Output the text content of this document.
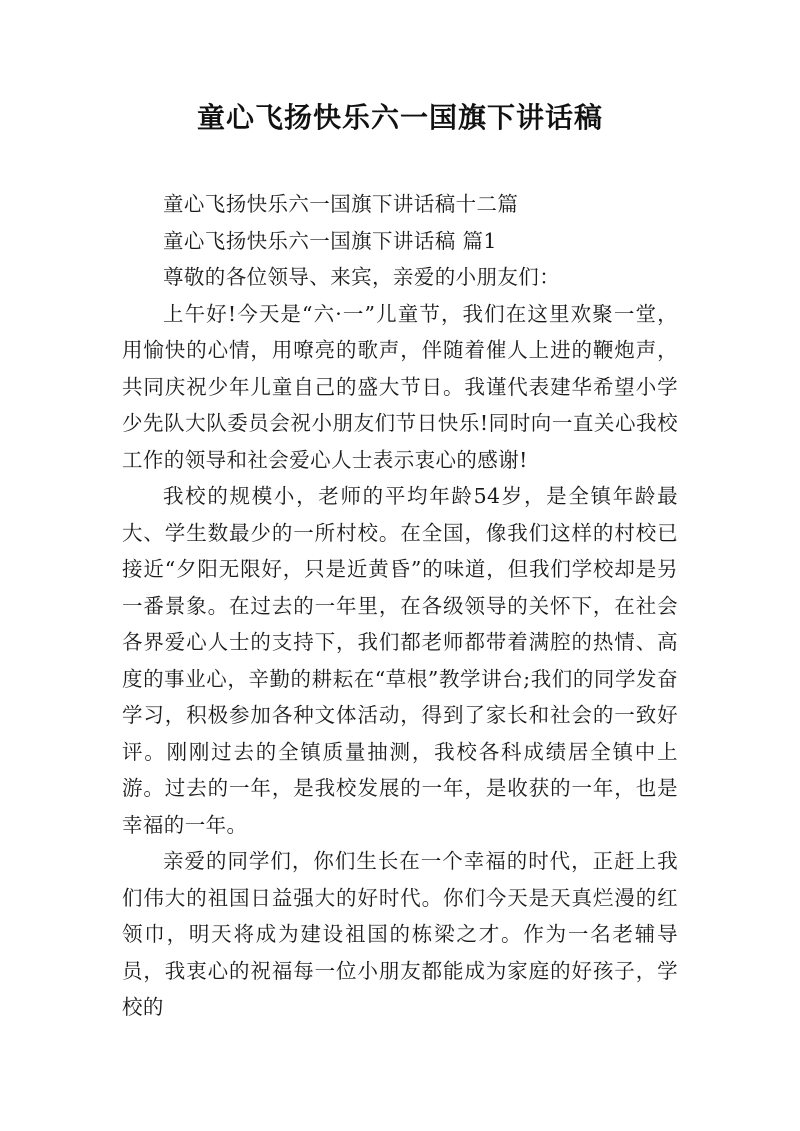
童心飞扬快乐六一国旗下讲话稿

童心飞扬快乐六一国旗下讲话稿十二篇

童心飞扬快乐六一国旗下讲话稿 篇1

尊敬的各位领导、来宾，亲爱的小朋友们：

上午好!今天是“六·一”儿童节，我们在这里欢聚一堂，用愉快的心情，用嘹亮的歌声，伴随着催人上进的鞭炮声，共同庆祝少年儿童自己的盛大节日。我谨代表建华希望小学少先队大队委员会祝小朋友们节日快乐!同时向一直关心我校工作的领导和社会爱心人士表示衷心的感谢!

我校的规模小，老师的平均年龄54岁，是全镇年龄最大、学生数最少的一所村校。在全国，像我们这样的村校已接近“夕阳无限好，只是近黄昏”的味道，但我们学校却是另一番景象。在过去的一年里，在各级领导的关怀下，在社会各界爱心人士的支持下，我们都老师都带着满腔的热情、高度的事业心，辛勤的耕耘在“草根”教学讲台;我们的同学发奋学习，积极参加各种文体活动，得到了家长和社会的一致好评。刚刚过去的全镇质量抽测，我校各科成绩居全镇中上游。过去的一年，是我校发展的一年，是收获的一年，也是幸福的一年。

亲爱的同学们，你们生长在一个幸福的时代，正赶上我们伟大的祖国日益强大的好时代。你们今天是天真烂漫的红领巾，明天将成为建设祖国的栋梁之才。作为一名老辅导员，我衷心的祝福每一位小朋友都能成为家庭的好孩子，学校的
